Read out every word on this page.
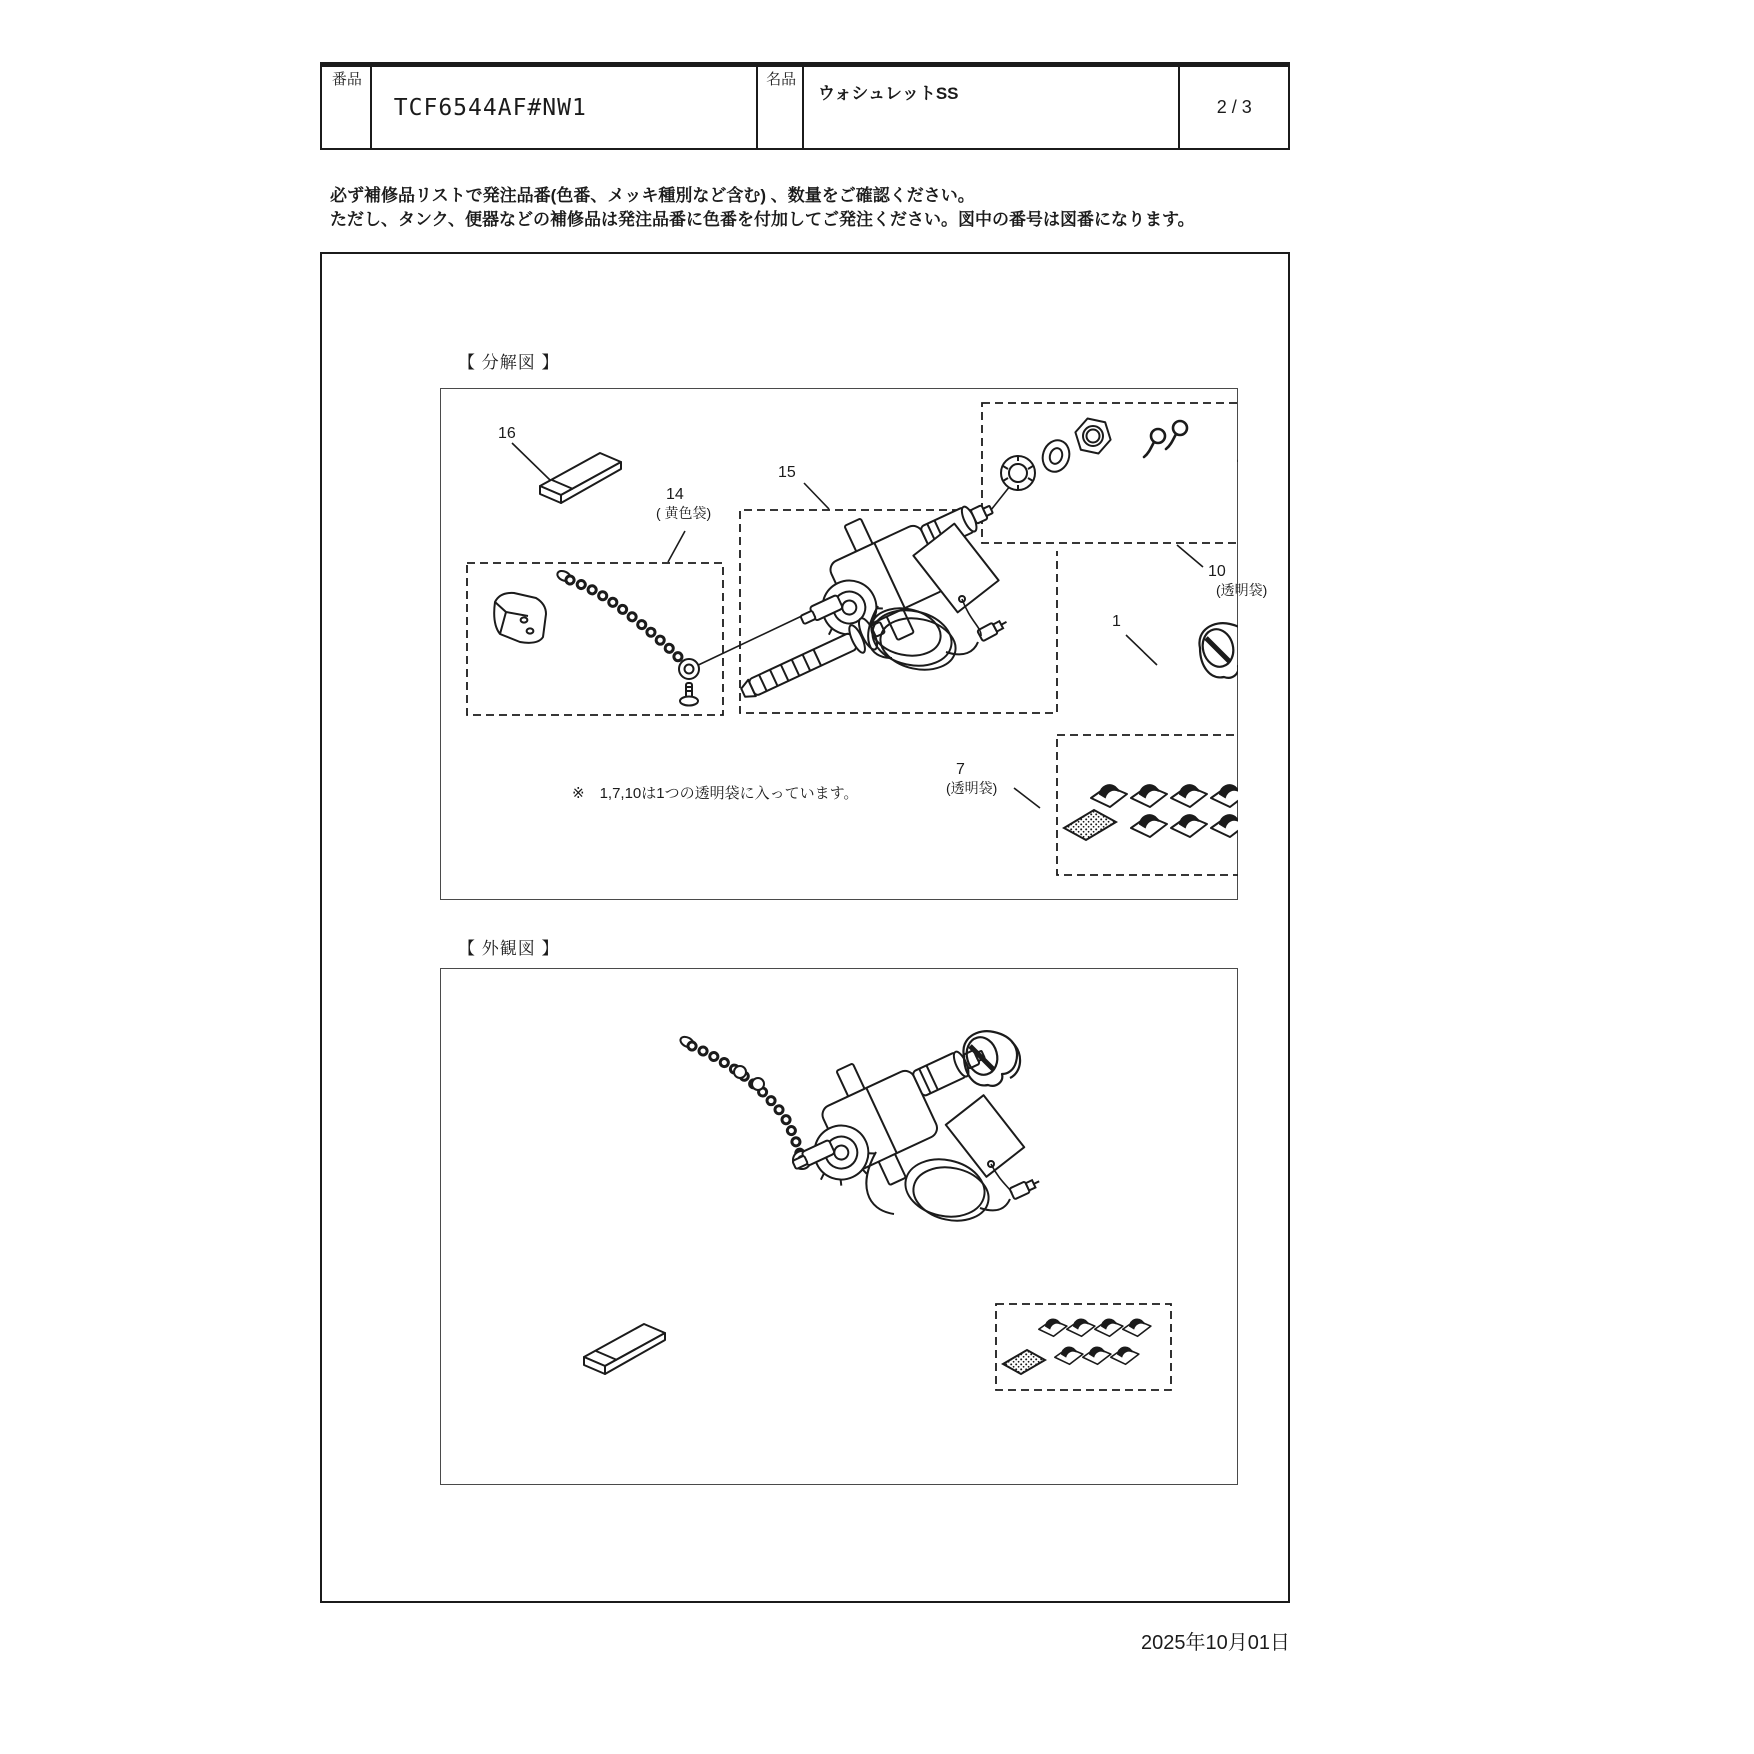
品番	TCF6544AF#NW1	品名	ウォシュレットSS
2 / 3
必ず補修品リストで発注品番(色番、メッキ種別など含む) 、数量をご確認ください。
ただし、タンク、便器などの補修品は発注品番に色番を付加してご発注ください。図中の番号は図番になります。
【 分解図 】
【 外観図 】
16
14
( 黄色袋)
15
10
(透明袋)
1
7
(透明袋)
※　1,7,10は1つの透明袋に入っています。
2025年10月01日
